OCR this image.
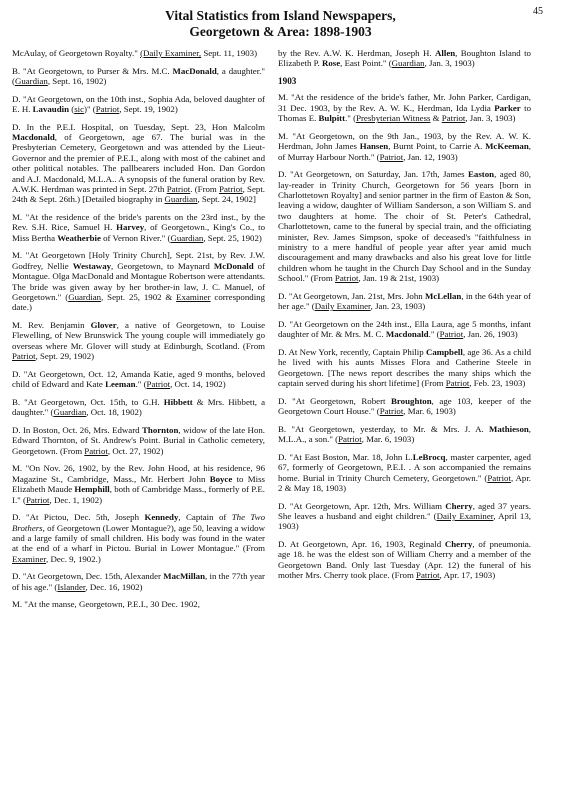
45
Vital Statistics from Island Newspapers,
Georgetown & Area: 1898-1903

McAulay, of Georgetown Royalty." (Daily Examiner, Sept. 11, 1903)

B. "At Georgetown, to Purser & Mrs. M.C. MacDonald, a daughter." (Guardian, Sept. 16, 1902)

D. "At Georgetown, on the 10th inst., Sophia Ada, beloved daughter of E. H. Lavaudin (sic)" (Patriot, Sept. 19, 1902)

D. In the P.E.I. Hospital, on Tuesday, Sept. 23, Hon Malcolm Macdonald, of Georgetown, age 67. The burial was in the Presbyterian Cemetery, Georgetown and was attended by the Lieut-Governor and the premier of P.E.I., along with most of the cabinet and other political notables. The pallbearers included Hon. Dan Gordon and A.J. Macdonald, M.L.A.. A synopsis of the funeral oration by Rev. A.W.K. Herdman was printed in Sept. 27th Patriot. (From Patriot, Sept. 24th & Sept. 26th.) [Detailed biography in Guardian, Sept. 24, 1902]

M. "At the residence of the bride's parents on the 23rd inst., by the Rev. S.H. Rice, Samuel H. Harvey, of Georgetown., King's Co., to Miss Bertha Weatherbie of Vernon River." (Guardian, Sept. 25, 1902)

M. "At Georgetown [Holy Trinity Church], Sept. 21st, by Rev. J.W. Godfrey, Nellie Westaway, Georgetown, to Maynard McDonald of Montague. Olga MacDonald and Montague Robertson were attendants. The bride was given away by her brother-in law, J. C. Manuel, of Georgetown." (Guardian, Sept. 25, 1902 & Examiner corresponding date.)

M. Rev. Benjamin Glover, a native of Georgetown, to Louise Flewelling, of New Brunswick The young couple will immediately go overseas where Mr. Glover will study at Edinburgh, Scotland. (From Patriot, Sept. 29, 1902)

D. "At Georgetown, Oct. 12, Amanda Katie, aged 9 months, beloved child of Edward and Kate Leeman." (Patriot, Oct. 14, 1902)

B. "At Georgetown, Oct. 15th, to G.H. Hibbett & Mrs. Hibbett, a daughter." (Guardian, Oct. 18, 1902)

D. In Boston, Oct. 26, Mrs. Edward Thornton, widow of the late Hon. Edward Thornton, of St. Andrew's Point. Burial in Catholic cemetery, Georgetown. (From Patriot, Oct. 27, 1902)

M. "On Nov. 26, 1902, by the Rev. John Hood, at his residence, 96 Magazine St., Cambridge, Mass., Mr. Herbert John Boyce to Miss Elizabeth Maude Hemphill, both of Cambridge Mass., formerly of P.E. I." (Patriot, Dec. 1, 1902)

D. "At Pictou, Dec. 5th, Joseph Kennedy, Captain of The Two Brothers, of Georgetown (Lower Montague?), age 50, leaving a widow and a large family of small children. His body was found in the water at the end of a wharf in Pictou. Burial in Lower Montague." (From Examiner, Dec. 9, 1902.)

D. "At Georgetown, Dec. 15th, Alexander MacMillan, in the 77th year of his age." (Islander, Dec. 16, 1902)

M. "At the manse, Georgetown, P.E.I., 30 Dec. 1902,

by the Rev. A.W. K. Herdman, Joseph H. Allen, Boughton Island to Elizabeth P. Rose, East Point." (Guardian, Jan. 3, 1903)

1903

M. "At the residence of the bride's father, Mr. John Parker, Cardigan, 31 Dec. 1903, by the Rev. A. W. K., Herdman, Ida Lydia Parker to Thomas E. Bulpitt." (Presbyterian Witness & Patriot, Jan. 3, 1903)

M. "At Georgetown, on the 9th Jan., 1903, by the Rev. A. W. K. Herdman, John James Hansen, Burnt Point, to Carrie A. McKeeman, of Murray Harbour North." (Patriot, Jan. 12, 1903)

D. "At Georgetown, on Saturday, Jan. 17th, James Easton, aged 80, lay-reader in Trinity Church, Georgetown for 56 years [born in Charlottetown Royalty] and senior partner in the firm of Easton & Son, leaving a widow, daughter of William Sanderson, a son William S. and two daughters at home. The choir of St. Peter's Cathedral, Charlottetown, came to the funeral by special train, and the officiating minister, Rev. James Simpson, spoke of deceased's "faithfulness in ministry to a mere handful of people year after year amid much discouragement and many drawbacks and also his great love for little children whom he taught in the Church Day School and in the Sunday School." (From Patriot, Jan. 19 & 21st, 1903)

D. "At Georgetown, Jan. 21st, Mrs. John McLellan, in the 64th year of her age." (Daily Examiner, Jan. 23, 1903)

D. "At Georgetown on the 24th inst., Ella Laura, age 5 months, infant daughter of Mr. & Mrs. M. C. Macdonald." (Patriot, Jan. 26, 1903)

D. At New York, recently, Captain Philip Campbell, age 36. As a child he lived with his aunts Misses Flora and Catherine Steele in Georgetown. [The news report describes the many ships which the captain served during his short lifetime] (From Patriot, Feb. 23, 1903)

D. "At Georgetown, Robert Broughton, age 103, keeper of the Georgetown Court House." (Patriot, Mar. 6, 1903)

B. "At Georgetown, yesterday, to Mr. & Mrs. J. A. Mathieson, M.L.A., a son." (Patriot, Mar. 6, 1903)

D. "At East Boston, Mar. 18, John L.LeBrocq, master carpenter, aged 67, formerly of Georgetown, P.E.I. . A son accompanied the remains home. Burial in Trinity Church Cemetery, Georgetown." (Patriot, Apr. 2 & May 18, 1903)

D. "At Georgetown, Apr. 12th, Mrs. William Cherry, aged 37 years. She leaves a husband and eight children." (Daily Examiner, April 13, 1903)

D. At Georgetown, Apr. 16, 1903, Reginald Cherry, of pneumonia. age 18. he was the eldest son of William Cherry and a member of the Georgetown Band. Only last Tuesday (Apr. 12) the funeral of his mother Mrs. Cherry took place. (From Patriot, Apr. 17, 1903)
